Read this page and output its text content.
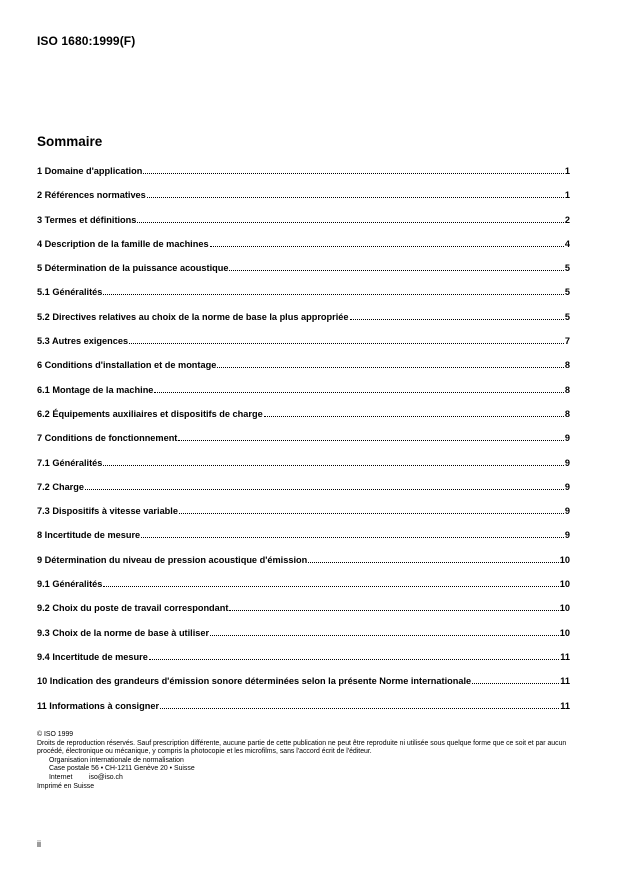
ISO 1680:1999(F)
Sommaire
1 Domaine d'application	1
2 Références normatives	1
3 Termes et définitions	2
4 Description de la famille de machines	4
5 Détermination de la puissance acoustique	5
5.1 Généralités	5
5.2 Directives relatives au choix de la norme de base la plus appropriée	5
5.3 Autres exigences	7
6 Conditions d'installation et de montage	8
6.1 Montage de la machine	8
6.2 Équipements auxiliaires et dispositifs de charge	8
7 Conditions de fonctionnement	9
7.1 Généralités	9
7.2 Charge	9
7.3 Dispositifs à vitesse variable	9
8 Incertitude de mesure	9
9 Détermination du niveau de pression acoustique d'émission	10
9.1 Généralités	10
9.2 Choix du poste de travail correspondant	10
9.3 Choix de la norme de base à utiliser	10
9.4 Incertitude de mesure	11
10 Indication des grandeurs d'émission sonore déterminées selon la présente Norme internationale	11
11 Informations à consigner	11
© ISO 1999
Droits de reproduction réservés. Sauf prescription différente, aucune partie de cette publication ne peut être reproduite ni utilisée sous quelque forme que ce soit et par aucun procédé, électronique ou mécanique, y compris la photocopie et les microfilms, sans l'accord écrit de l'éditeur.
Organisation internationale de normalisation
Case postale 56 • CH-1211 Genève 20 • Suisse
Internet iso@iso.ch
Imprimé en Suisse
ii
